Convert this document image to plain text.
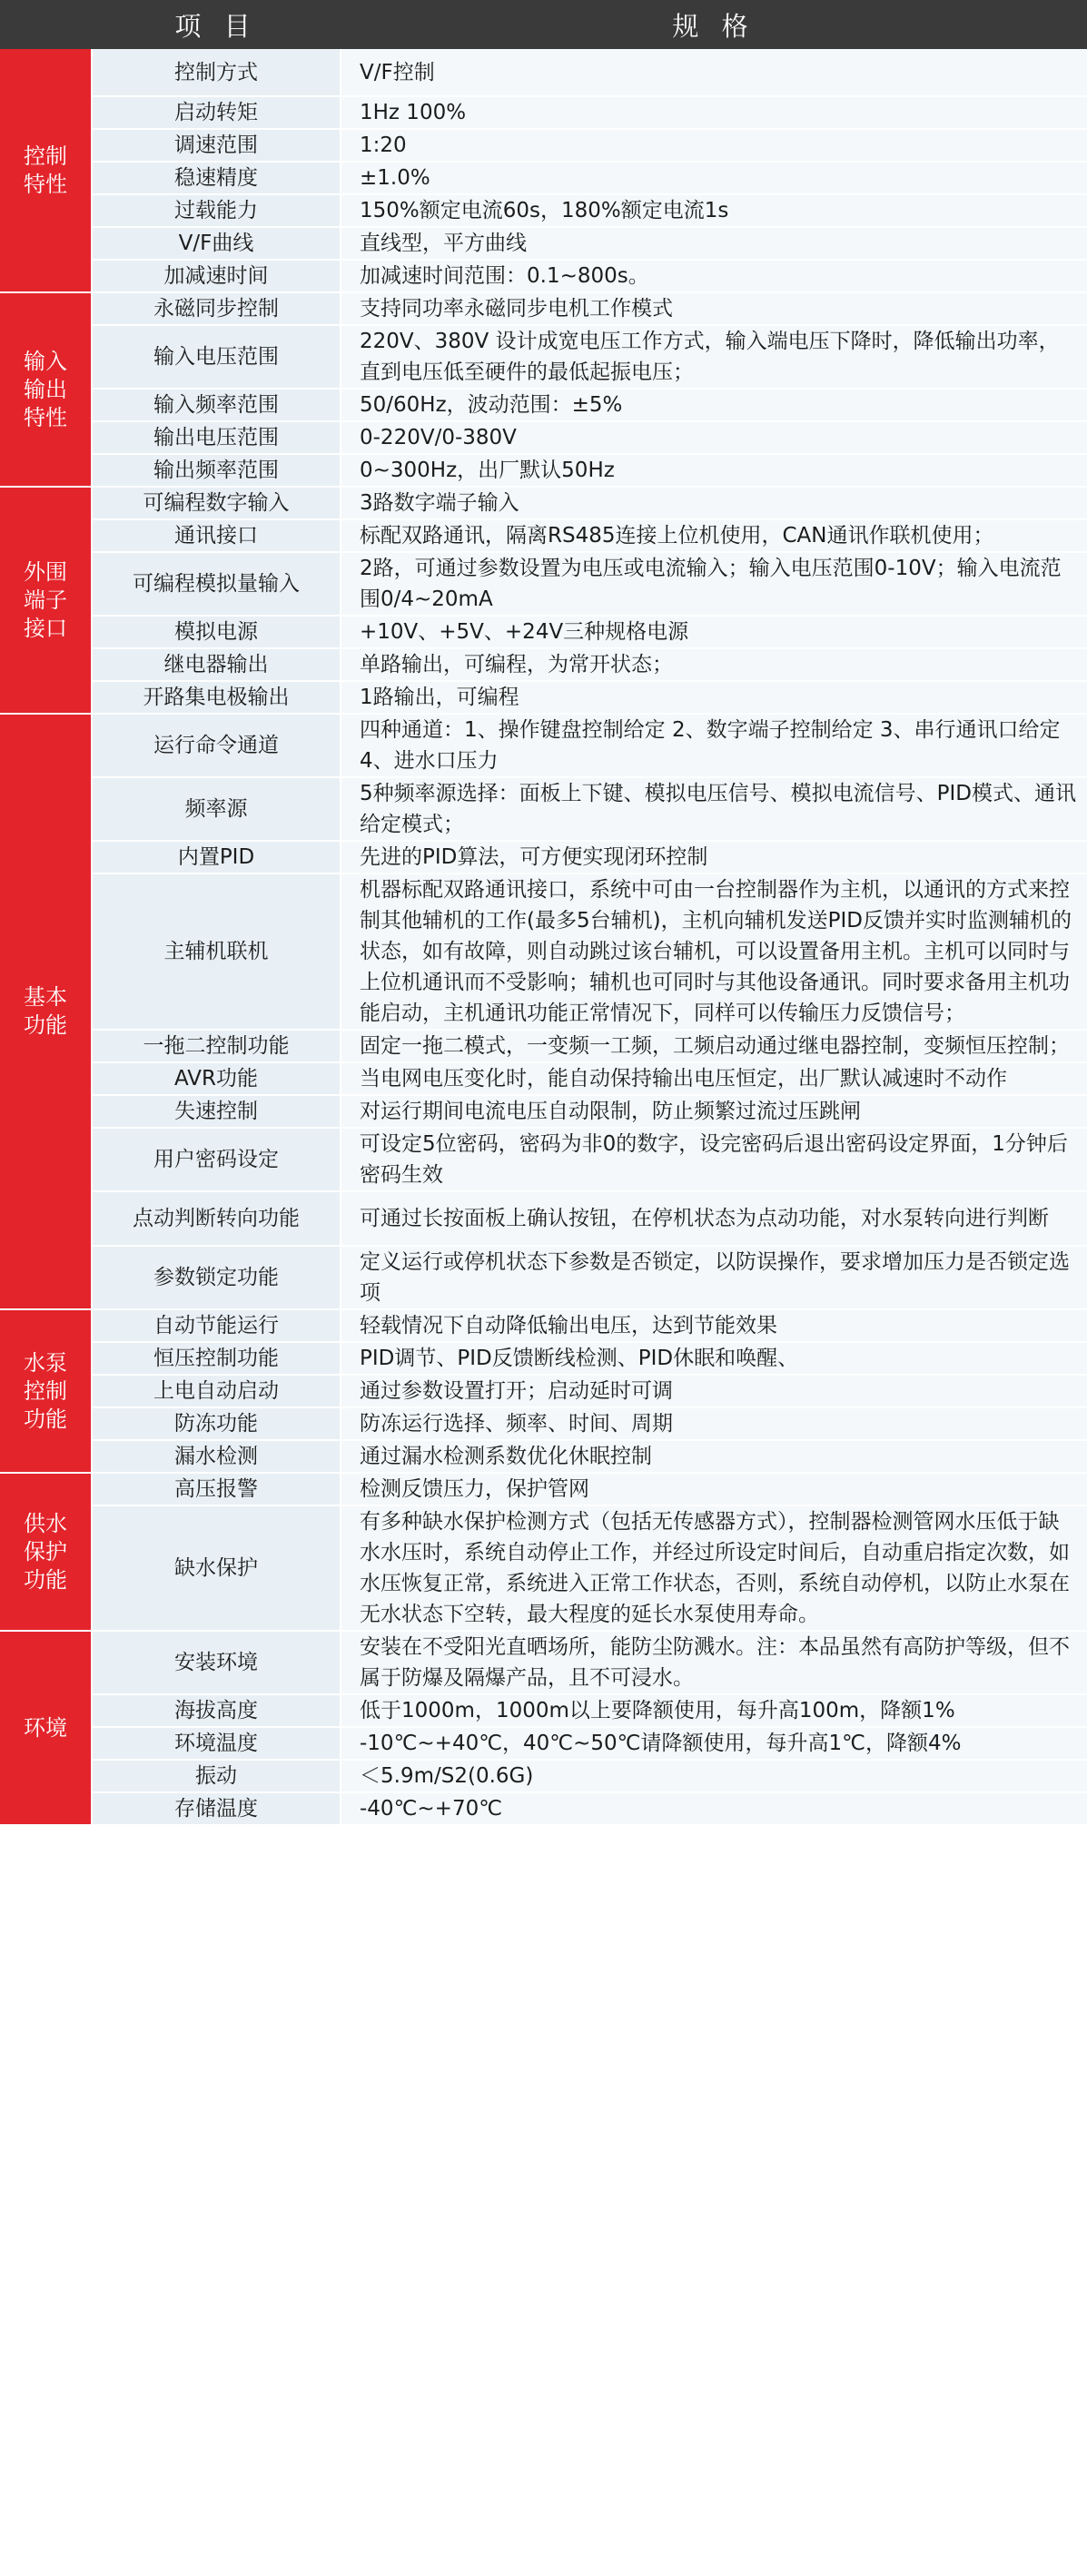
	项 目	规 格
控制特性	控制方式	V/F控制
	启动转矩	1Hz 100%
	调速范围	1:20
	稳速精度	±1.0%
	过载能力	150%额定电流60s，180%额定电流1s
	V/F曲线	直线型，平方曲线
	加减速时间	加减速时间范围：0.1~800s。
输入输出特性	永磁同步控制	支持同功率永磁同步电机工作模式
	输入电压范围	220V、380V 设计成宽电压工作方式，输入端电压下降时，降低输出功率，直到电压低至硬件的最低起振电压；
	输入频率范围	50/60Hz，波动范围：±5%
	输出电压范围	0-220V/0-380V
	输出频率范围	0~300Hz，出厂默认50Hz
外围端子接口	可编程数字输入	3路数字端子输入
	通讯接口	标配双路通讯，隔离RS485连接上位机使用，CAN通讯作联机使用；
	可编程模拟量输入	2路，可通过参数设置为电压或电流输入；输入电压范围0-10V；输入电流范围0/4~20mA
	模拟电源	+10V、+5V、+24V三种规格电源
	继电器输出	单路输出，可编程，为常开状态；
	开路集电极输出	1路输出，可编程
基本功能	运行命令通道	四种通道：1、操作键盘控制给定 2、数字端子控制给定 3、串行通讯口给定 4、进水口压力
	频率源	5种频率源选择：面板上下键、模拟电压信号、模拟电流信号、PID模式、通讯给定模式；
	内置PID	先进的PID算法，可方便实现闭环控制
	主辅机联机	机器标配双路通讯接口，系统中可由一台控制器作为主机，以通讯的方式来控制其他辅机的工作(最多5台辅机)，主机向辅机发送PID反馈并实时监测辅机的状态，如有故障，则自动跳过该台辅机，可以设置备用主机。主机可以同时与上位机通讯而不受影响；辅机也可同时与其他设备通讯。同时要求备用主机功能启动，主机通讯功能正常情况下，同样可以传输压力反馈信号；
	一拖二控制功能	固定一拖二模式，一变频一工频，工频启动通过继电器控制，变频恒压控制；
	AVR功能	当电网电压变化时，能自动保持输出电压恒定，出厂默认减速时不动作
	失速控制	对运行期间电流电压自动限制，防止频繁过流过压跳闸
	用户密码设定	可设定5位密码，密码为非0的数字，设完密码后退出密码设定界面，1分钟后密码生效
	点动判断转向功能	可通过长按面板上确认按钮，在停机状态为点动功能，对水泵转向进行判断
	参数锁定功能	定义运行或停机状态下参数是否锁定，以防误操作，要求增加压力是否锁定选项
水泵控制功能	自动节能运行	轻载情况下自动降低输出电压，达到节能效果
	恒压控制功能	PID调节、PID反馈断线检测、PID休眠和唤醒、
	上电自动启动	通过参数设置打开；启动延时可调
	防冻功能	防冻运行选择、频率、时间、周期
	漏水检测	通过漏水检测系数优化休眠控制
供水保护功能	高压报警	检测反馈压力，保护管网
	缺水保护	有多种缺水保护检测方式（包括无传感器方式），控制器检测管网水压低于缺水水压时，系统自动停止工作，并经过所设定时间后，自动重启指定次数，如水压恢复正常，系统进入正常工作状态，否则，系统自动停机，以防止水泵在无水状态下空转，最大程度的延长水泵使用寿命。
环境	安装环境	安装在不受阳光直晒场所，能防尘防溅水。注：本品虽然有高防护等级，但不属于防爆及隔爆产品，且不可浸水。
	海拔高度	低于1000m，1000m以上要降额使用，每升高100m，降额1%
	环境温度	-10℃~+40℃，40℃~50℃请降额使用，每升高1℃，降额4%
	振动	＜5.9m/S2(0.6G)
	存储温度	-40℃~+70℃
